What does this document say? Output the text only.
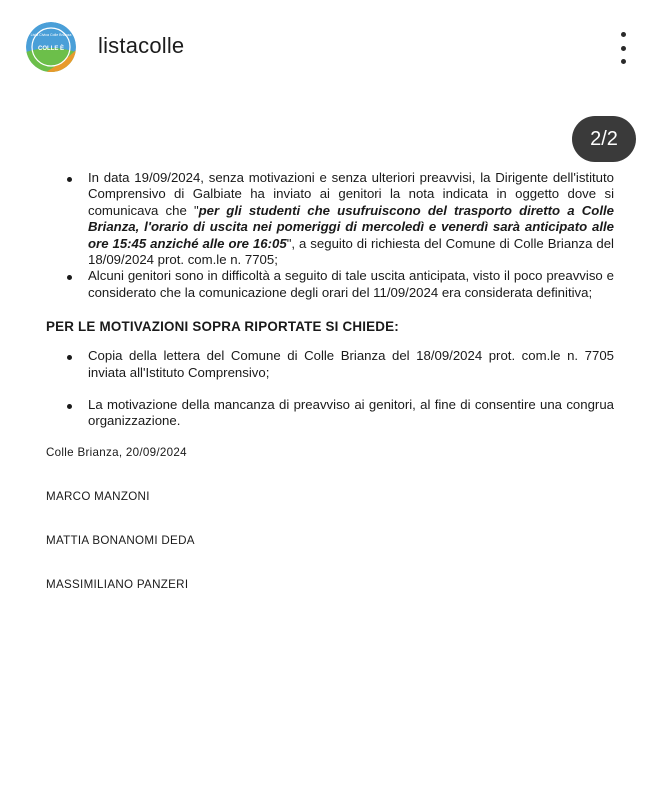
Lista Civica Colle Brianza
COLLE È listacolle
2/2
In data 19/09/2024, senza motivazioni e senza ulteriori preavvisi, la Dirigente dell'istituto Comprensivo di Galbiate ha inviato ai genitori la nota indicata in oggetto dove si comunicava che "per gli studenti che usufruiscono del trasporto diretto a Colle Brianza, l'orario di uscita nei pomeriggi di mercoledì e venerdì sarà anticipato alle ore 15:45 anziché alle ore 16:05", a seguito di richiesta del Comune di Colle Brianza del 18/09/2024 prot. com.le n. 7705;
Alcuni genitori sono in difficoltà a seguito di tale uscita anticipata, visto il poco preavviso e considerato che la comunicazione degli orari del 11/09/2024 era considerata definitiva;
PER LE MOTIVAZIONI SOPRA RIPORTATE SI CHIEDE:
Copia della lettera del Comune di Colle Brianza del 18/09/2024 prot. com.le n. 7705 inviata all'Istituto Comprensivo;
La motivazione della mancanza di preavviso ai genitori, al fine di consentire una congrua organizzazione.
Colle Brianza, 20/09/2024
MARCO MANZONI
MATTIA BONANOMI DEDA
MASSIMILIANO PANZERI
